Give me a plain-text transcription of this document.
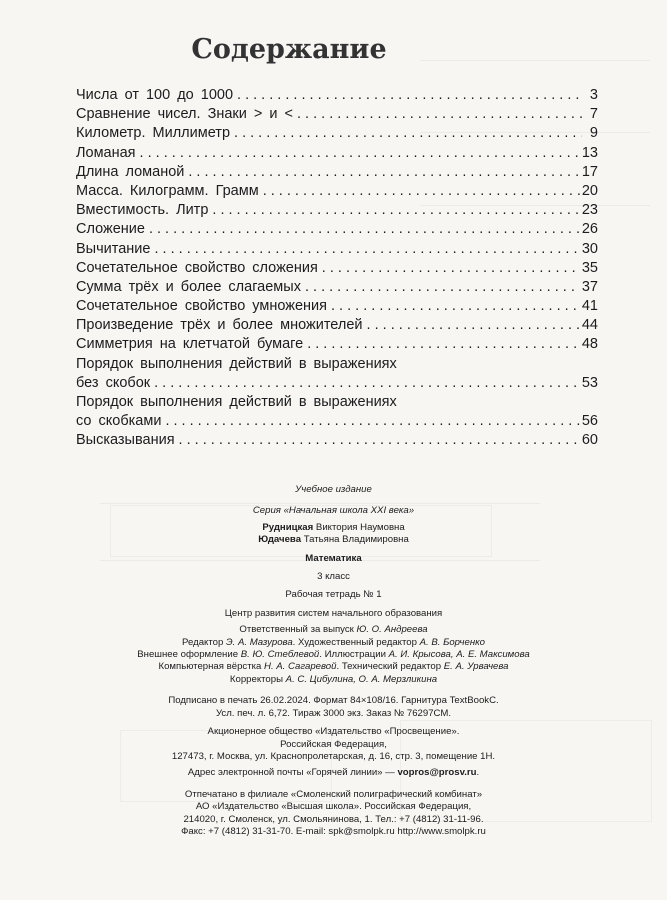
Содержание
Числа от 100 до 1000 . . .	3
Сравнение чисел. Знаки > и < . . .	7
Километр. Миллиметр . . .	9
Ломаная . . .	13
Длина ломаной . . .	17
Масса. Килограмм. Грамм . . .	20
Вместимость. Литр . . .	23
Сложение . . .	26
Вычитание . . .	30
Сочетательное свойство сложения . . .	35
Сумма трёх и более слагаемых . . .	37
Сочетательное свойство умножения . . .	41
Произведение трёх и более множителей . . .	44
Симметрия на клетчатой бумаге . . .	48
Порядок выполнения действий в выражениях
без скобок . . .	53
Порядок выполнения действий в выражениях
со скобками . . .	56
Высказывания . . .	60

Учебное издание

Серия «Начальная школа XXI века»

Рудницкая Виктория Наумовна

Юдачева Татьяна Владимировна

Математика

3 класс

Рабочая тетрадь № 1

Центр развития систем начального образования

Ответственный за выпуск Ю. О. Андреева

Редактор Э. А. Мазурова. Художественный редактор А. В. Борченко

Внешнее оформление В. Ю. Стеблевой. Иллюстрации А. И. Крысова, А. Е. Максимова

Компьютерная вёрстка Н. А. Сагаревой. Технический редактор Е. А. Урвачева

Корректоры А. С. Цибулина, О. А. Мерзликина

Подписано в печать 26.02.2024. Формат 84×108/16. Гарнитура TextBookC.

Усл. печ. л. 6,72. Тираж 3000 экз. Заказ № 76297СМ.

Акционерное общество «Издательство «Просвещение».

Российская Федерация,

127473, г. Москва, ул. Краснопролетарская, д. 16, стр. 3, помещение 1Н.

Адрес электронной почты «Горячей линии» — vopros@prosv.ru.

Отпечатано в филиале «Смоленский полиграфический комбинат»

АО «Издательство «Высшая школа». Российская Федерация,

214020, г. Смоленск, ул. Смольянинова, 1. Тел.: +7 (4812) 31-11-96.

Факс: +7 (4812) 31-31-70. E-mail: spk@smolpk.ru http://www.smolpk.ru
